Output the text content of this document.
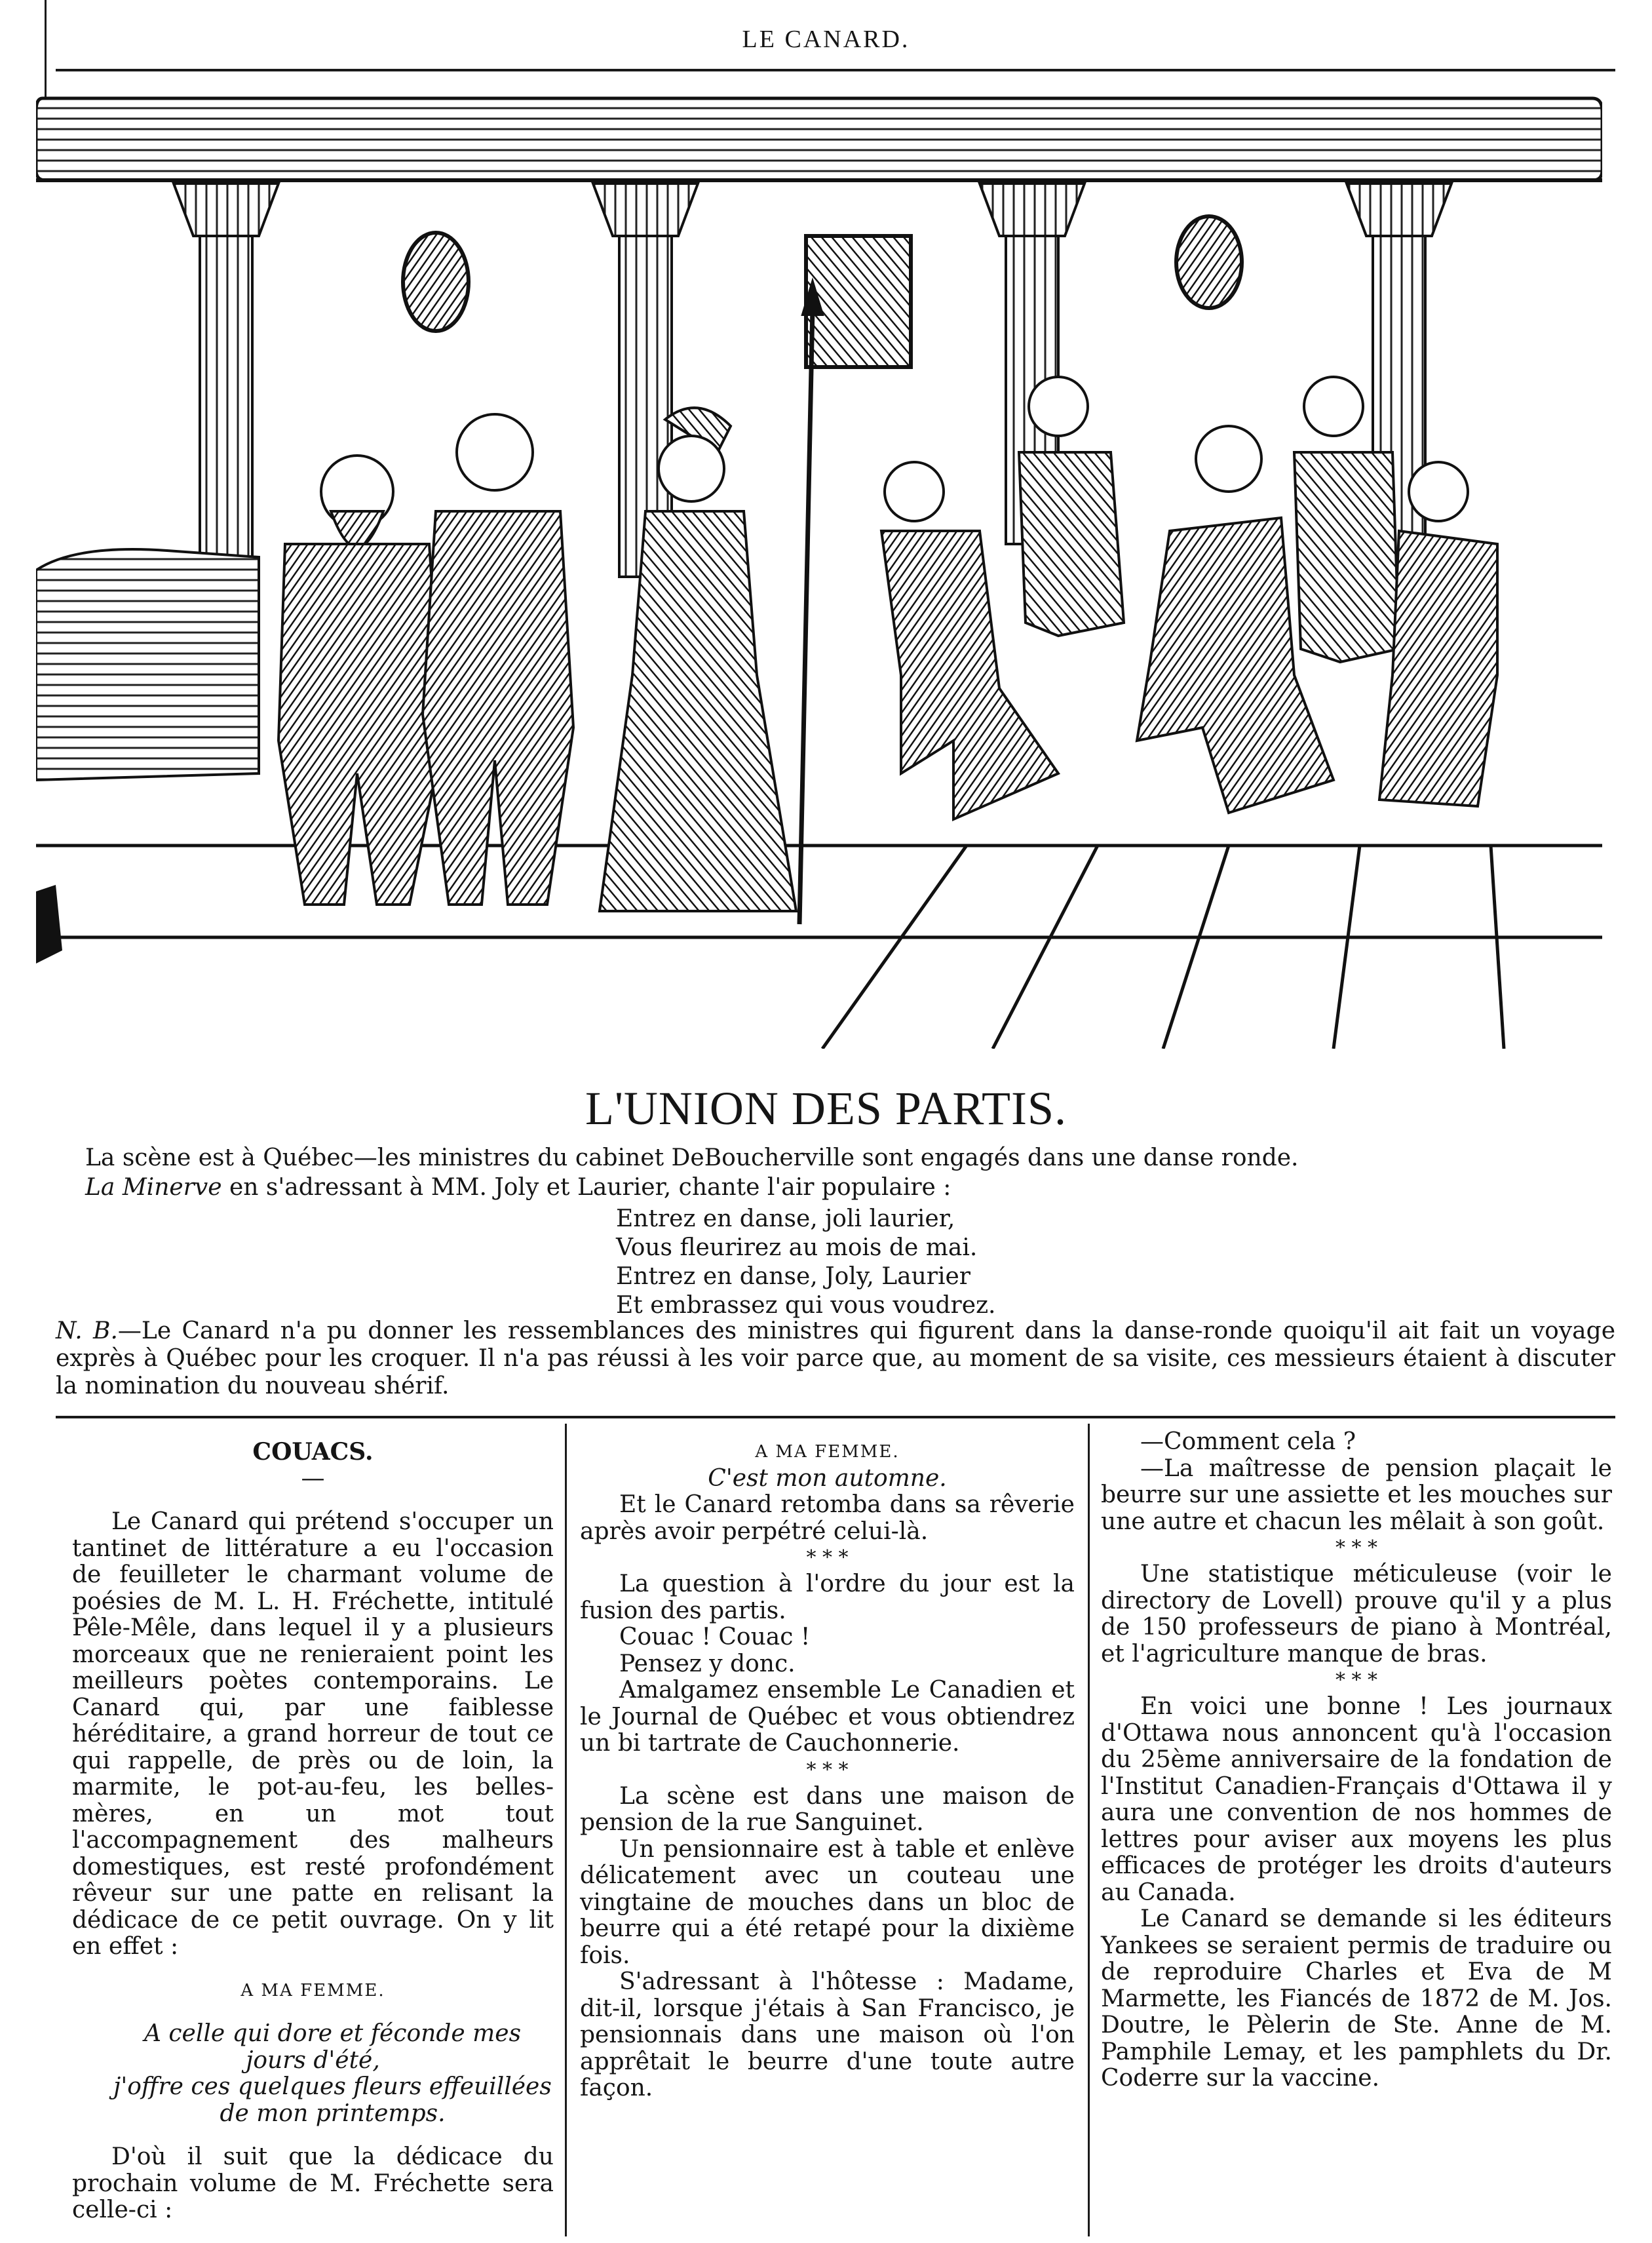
LE CANARD.
L'UNION DES PARTIS.
La scène est à Québec—les ministres du cabinet DeBoucherville sont engagés dans une danse ronde.
La Minerve en s'adressant à MM. Joly et Laurier, chante l'air populaire :
Entrez en danse, joli laurier,
Vous fleurirez au mois de mai.
Entrez en danse, Joly, Laurier
Et embrassez qui vous voudrez.
N. B.—Le Canard n'a pu donner les ressemblances des ministres qui figurent dans la danse-ronde quoiqu'il ait fait un voyage exprès à Québec pour les croquer. Il n'a pas réussi à les voir parce que, au moment de sa visite, ces messieurs étaient à discuter la nomination du nouveau shérif.

COUACS.

—

Le Canard qui prétend s'occuper un tantinet de littérature a eu l'occasion de feuilleter le charmant volume de poésies de M. L. H. Fréchette, intitulé Pêle-Mêle, dans lequel il y a plusieurs morceaux que ne renieraient point les meilleurs poètes contemporains. Le Canard qui, par une faiblesse héréditaire, a grand horreur de tout ce qui rappelle, de près ou de loin, la marmite, le pot-au-feu, les belles-mères, en un mot tout l'accompagnement des malheurs domestiques, est resté profondément rêveur sur une patte en relisant la dédicace de ce petit ouvrage. On y lit en effet :

A MA FEMME.

A celle qui dore et féconde mes jours d'été,

j'offre ces quelques fleurs effeuillées

de mon printemps.

D'où il suit que la dédicace du prochain volume de M. Fréchette sera celle-ci :

A MA FEMME.

C'est mon automne.

Et le Canard retomba dans sa rêverie après avoir perpétré celui-là.

* * *

La question à l'ordre du jour est la fusion des partis.

Couac ! Couac !

Pensez y donc.

Amalgamez ensemble Le Canadien et le Journal de Québec et vous obtiendrez un bi tartrate de Cauchonnerie.

* * *

La scène est dans une maison de pension de la rue Sanguinet.

Un pensionnaire est à table et enlève délicatement avec un couteau une vingtaine de mouches dans un bloc de beurre qui a été retapé pour la dixième fois.

S'adressant à l'hôtesse : Madame, dit-il, lorsque j'étais à San Francisco, je pensionnais dans une maison où l'on apprêtait le beurre d'une toute autre façon.

—Comment cela ?

—La maîtresse de pension plaçait le beurre sur une assiette et les mouches sur une autre et chacun les mêlait à son goût.

* * *

Une statistique méticuleuse (voir le directory de Lovell) prouve qu'il y a plus de 150 professeurs de piano à Montréal, et l'agriculture manque de bras.

* * *

En voici une bonne ! Les journaux d'Ottawa nous annoncent qu'à l'occasion du 25ème anniversaire de la fondation de l'Institut Canadien-Français d'Ottawa il y aura une convention de nos hommes de lettres pour aviser aux moyens les plus efficaces de protéger les droits d'auteurs au Canada.

Le Canard se demande si les éditeurs Yankees se seraient permis de traduire ou de reproduire Charles et Eva de M Marmette, les Fiancés de 1872 de M. Jos. Doutre, le Pèlerin de Ste. Anne de M. Pamphile Lemay, et les pamphlets du Dr. Coderre sur la vaccine.
